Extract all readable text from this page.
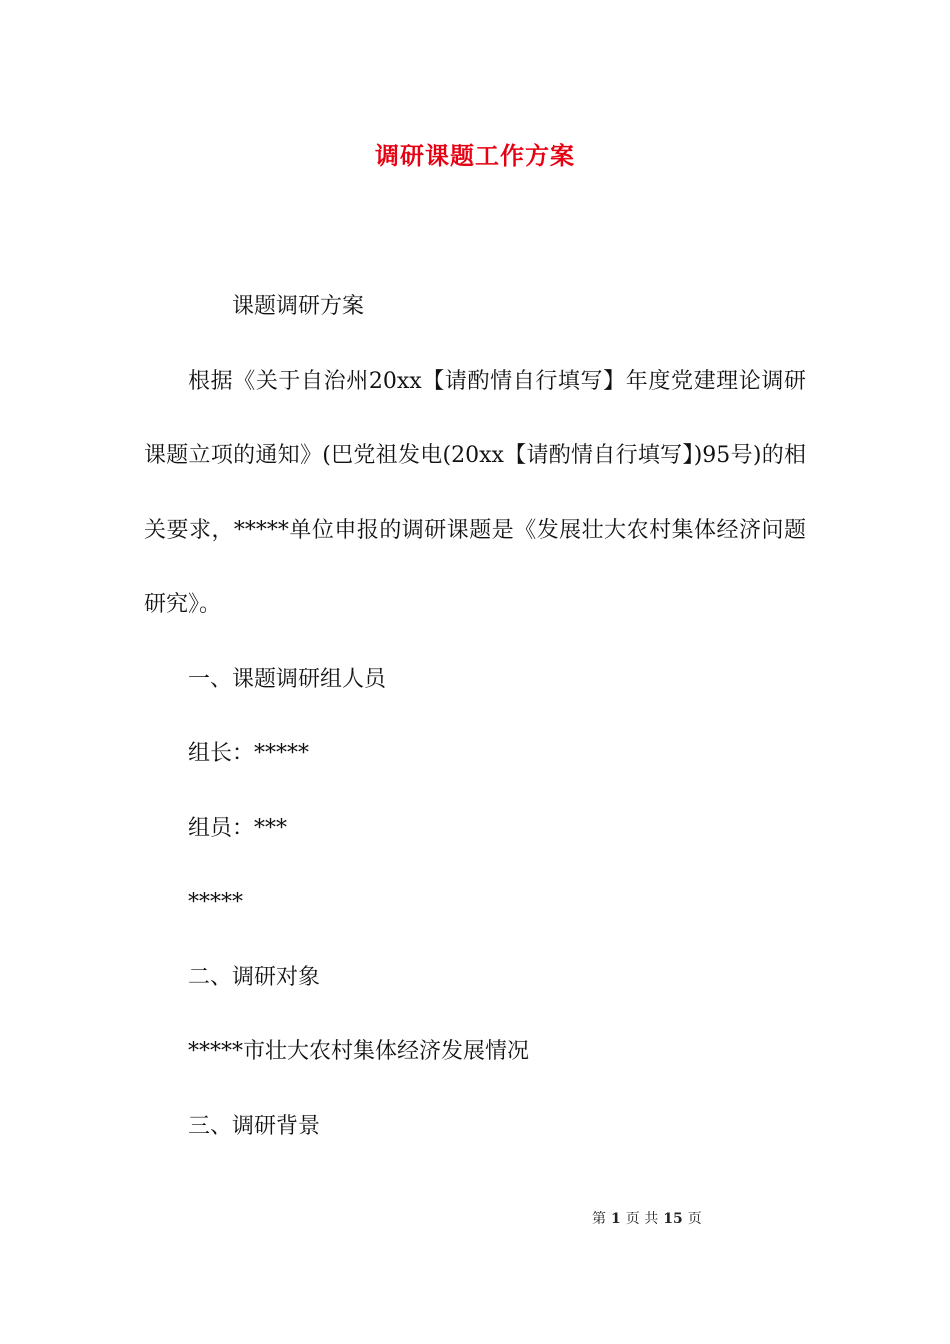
调研课题工作方案

课题调研方案

根据《关于自治州20xx【请酌情自行填写】年度党建理论调研课题立项的通知》(巴党祖发电(20xx【请酌情自行填写】)95号)的相关要求，*****单位申报的调研课题是《发展壮大农村集体经济问题研究》。

一、课题调研组人员

组长：*****

组员：***

*****

二、调研对象

*****市壮大农村集体经济发展情况

三、调研背景

第 1 页 共 15 页
